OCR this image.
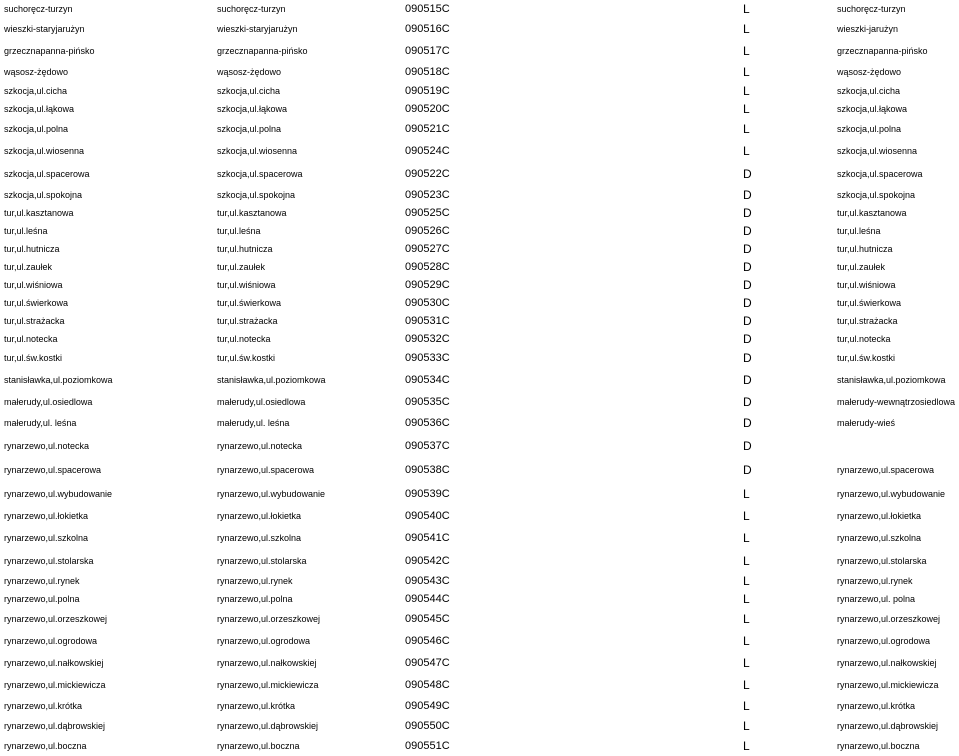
suchoręcz-turzyn	suchoręcz-turzyn	090515C	L	suchoręcz-turzyn
wieszki-staryjarużyn	wieszki-staryjarużyn	090516C	L	wieszki-jarużyn
grzecznapanna-pińsko	grzecznapanna-pińsko	090517C	L	grzecznapanna-pińsko
wąsosz-żędowo	wąsosz-żędowo	090518C	L	wąsosz-żędowo
szkocja,ul.cicha	szkocja,ul.cicha	090519C	L	szkocja,ul.cicha
szkocja,ul.łąkowa	szkocja,ul.łąkowa	090520C	L	szkocja,ul.łąkowa
szkocja,ul.polna	szkocja,ul.polna	090521C	L	szkocja,ul.polna
szkocja,ul.wiosenna	szkocja,ul.wiosenna	090524C	L	szkocja,ul.wiosenna
szkocja,ul.spacerowa	szkocja,ul.spacerowa	090522C	D	szkocja,ul.spacerowa
szkocja,ul.spokojna	szkocja,ul.spokojna	090523C	D	szkocja,ul.spokojna
tur,ul.kasztanowa	tur,ul.kasztanowa	090525C	D	tur,ul.kasztanowa
tur,ul.leśna	tur,ul.leśna	090526C	D	tur,ul.leśna
tur,ul.hutnicza	tur,ul.hutnicza	090527C	D	tur,ul.hutnicza
tur,ul.zaułek	tur,ul.zaułek	090528C	D	tur,ul.zaułek
tur,ul.wiśniowa	tur,ul.wiśniowa	090529C	D	tur,ul.wiśniowa
tur,ul.świerkowa	tur,ul.świerkowa	090530C	D	tur,ul.świerkowa
tur,ul.strażacka	tur,ul.strażacka	090531C	D	tur,ul.strażacka
tur,ul.notecka	tur,ul.notecka	090532C	D	tur,ul.notecka
tur,ul.św.kostki	tur,ul.św.kostki	090533C	D	tur,ul.św.kostki
stanisławka,ul.poziomkowa	stanisławka,ul.poziomkowa	090534C	D	stanisławka,ul.poziomkowa
małerudy,ul.osiedlowa	małerudy,ul.osiedlowa	090535C	D	małerudy-wewnątrzosiedlowa
małerudy,ul. leśna	małerudy,ul. leśna	090536C	D	małerudy-wieś
rynarzewo,ul.notecka	rynarzewo,ul.notecka	090537C	D	
rynarzewo,ul.spacerowa	rynarzewo,ul.spacerowa	090538C	D	rynarzewo,ul.spacerowa
rynarzewo,ul.wybudowanie	rynarzewo,ul.wybudowanie	090539C	L	rynarzewo,ul.wybudowanie
rynarzewo,ul.łokietka	rynarzewo,ul.łokietka	090540C	L	rynarzewo,ul.łokietka
rynarzewo,ul.szkolna	rynarzewo,ul.szkolna	090541C	L	rynarzewo,ul.szkolna
rynarzewo,ul.stolarska	rynarzewo,ul.stolarska	090542C	L	rynarzewo,ul.stolarska
rynarzewo,ul.rynek	rynarzewo,ul.rynek	090543C	L	rynarzewo,ul.rynek
rynarzewo,ul.polna	rynarzewo,ul.polna	090544C	L	rynarzewo,ul. polna
rynarzewo,ul.orzeszkowej	rynarzewo,ul.orzeszkowej	090545C	L	rynarzewo,ul.orzeszkowej
rynarzewo,ul.ogrodowa	rynarzewo,ul.ogrodowa	090546C	L	rynarzewo,ul.ogrodowa
rynarzewo,ul.nałkowskiej	rynarzewo,ul.nałkowskiej	090547C	L	rynarzewo,ul.nałkowskiej
rynarzewo,ul.mickiewicza	rynarzewo,ul.mickiewicza	090548C	L	rynarzewo,ul.mickiewicza
rynarzewo,ul.krótka	rynarzewo,ul.krótka	090549C	L	rynarzewo,ul.krótka
rynarzewo,ul.dąbrowskiej	rynarzewo,ul.dąbrowskiej	090550C	L	rynarzewo,ul.dąbrowskiej
rynarzewo,ul.boczna	rynarzewo,ul.boczna	090551C	L	rynarzewo,ul.boczna
